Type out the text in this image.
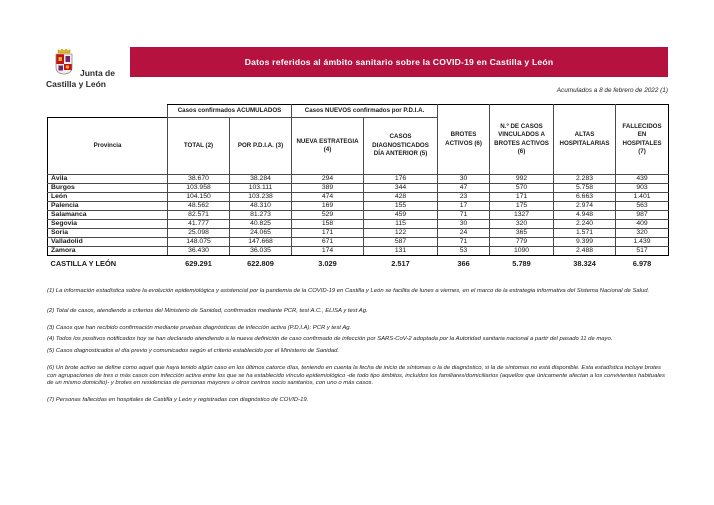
Junta de
Castilla y León
Datos referidos al ámbito sanitario sobre la COVID-19 en Castilla y León
Acumulados a 8 de febrero de 2022 (1)
	Casos confirmados ACUMULADOS		Casos NUEVOS confirmados por P.D.I.A.		BROTES ACTIVOS (6)	N.º DE CASOS VINCULADOS A BROTES ACTIVOS (6)	ALTAS HOSPITALARIAS	FALLECIDOS EN HOSPITALES (7)
Provincia	TOTAL (2)	POR P.D.I.A. (3)	NUEVA ESTRATEGIA (4)	CASOS DIAGNOSTICADOS DÍA ANTERIOR (5)				
Ávila	38.670	38.284	294	176	30	992	2.283	439
Burgos	103.958	103.111	389	344	47	570	5.758	903
León	104.150	103.238	474	428	23	171	6.663	1.401
Palencia	48.562	48.310	169	155	17	175	2.974	563
Salamanca	82.571	81.273	529	459	71	1327	4.948	987
Segovia	41.777	40.825	158	115	30	320	2.240	409
Soria	25.098	24.065	171	122	24	365	1.571	320
Valladolid	148.075	147.668	671	587	71	779	9.399	1.439
Zamora	36.430	36.035	174	131	53	1090	2.488	517
CASTILLA Y LEÓN	629.291	622.809	3.029	2.517	366	5.789	38.324	6.978

(1) La información estadística sobre la evolución epidemiológica y asistencial por la pandemia de la COVID-19 en Castilla y León se facilita de lunes a viernes, en el marco de la estrategia informativa del Sistema Nacional de Salud.

(2) Total de casos, atendiendo a criterios del Ministerio de Sanidad, confirmados mediante PCR, test A.C., ELISA y test Ag.

(3) Casos que han recibido confirmación mediante pruebas diagnósticas de infección activa (P.D.I.A): PCR y test Ag.

(4) Todos los positivos notificados hoy se han declarado atendiendo a la nueva definición de caso confirmado de infección por SARS-CoV-2 adoptada por la Autoridad sanitaria nacional a partir del pasado 11 de mayo.

(5) Casos diagnosticados el día previo y comunicados según el criterio establecido por el Ministerio de Sanidad.

(6) Un brote activo se define como aquel que haya tenido algún caso en los últimos catorce días, teniendo en cuenta la fecha de inicio de síntomas o la de diagnóstico, si la de síntomas no está disponible. Esta estadística incluye brotes con agrupaciones de tres o más casos con infección activa entre los que se ha establecido vínculo epidemiológico -de todo tipo ámbitos, incluidos los familiares/domiciliarios (aquellos que únicamente afectan a los convivientes habituales de un mismo domicilio)- y brotes en residencias de personas mayores u otros centros socio sanitarios, con uno o más casos.

(7) Personas fallecidas en hospitales de Castilla y León y registradas con diagnóstico de COVID-19.
